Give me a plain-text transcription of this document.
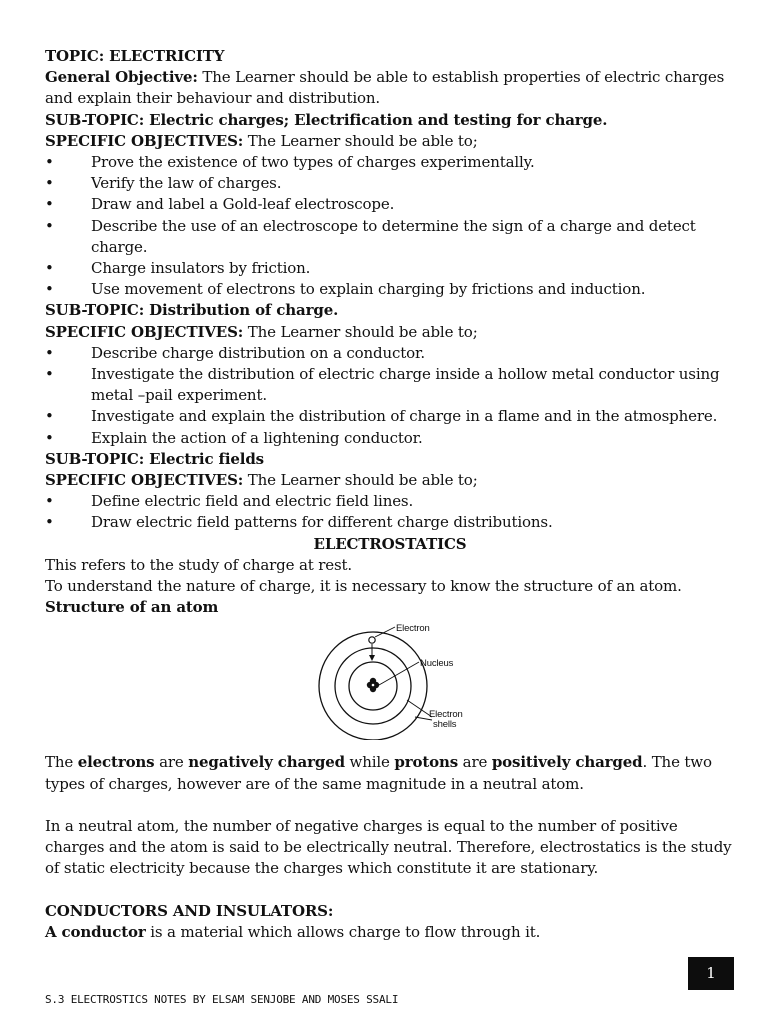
TOPIC: ELECTRICITY

General Objective: The Learner should be able to establish properties of electric charges and explain their behaviour and distribution.

SUB-TOPIC: Electric charges; Electrification and testing for charge.

SPECIFIC OBJECTIVES: The Learner should be able to;

• Prove the existence of two types of charges experimentally.
• Verify the law of charges.
• Draw and label a Gold-leaf electroscope.
• Describe the use of an electroscope to determine the sign of a charge and detect charge.
• Charge insulators by friction.
• Use movement of electrons to explain charging by frictions and induction.

SUB-TOPIC: Distribution of charge.

SPECIFIC OBJECTIVES: The Learner should be able to;

• Describe charge distribution on a conductor.
• Investigate the distribution of electric charge inside a hollow metal conductor using metal –pail experiment.
• Investigate and explain the distribution of charge in a flame and in the atmosphere.
• Explain the action of a lightening conductor.

SUB-TOPIC: Electric fields

SPECIFIC OBJECTIVES: The Learner should be able to;

• Define electric field and electric field lines.
• Draw electric field patterns for different charge distributions.

ELECTROSTATICS

This refers to the study of charge at rest.

To understand the nature of charge, it is necessary to know the structure of an atom.

Structure of an atom

Electron
Nucleus
Electron
shells

The electrons are negatively charged while protons are positively charged. The two types of charges, however are of the same magnitude in a neutral atom.

In a neutral atom, the number of negative charges is equal to the number of positive charges and the atom is said to be electrically neutral. Therefore, electrostatics is the study of static electricity because the charges which constitute it are stationary.

CONDUCTORS AND INSULATORS:

A conductor is a material which allows charge to flow through it.

1
S.3 ELECTROSTICS NOTES BY ELSAM SENJOBE AND MOSES SSALI
